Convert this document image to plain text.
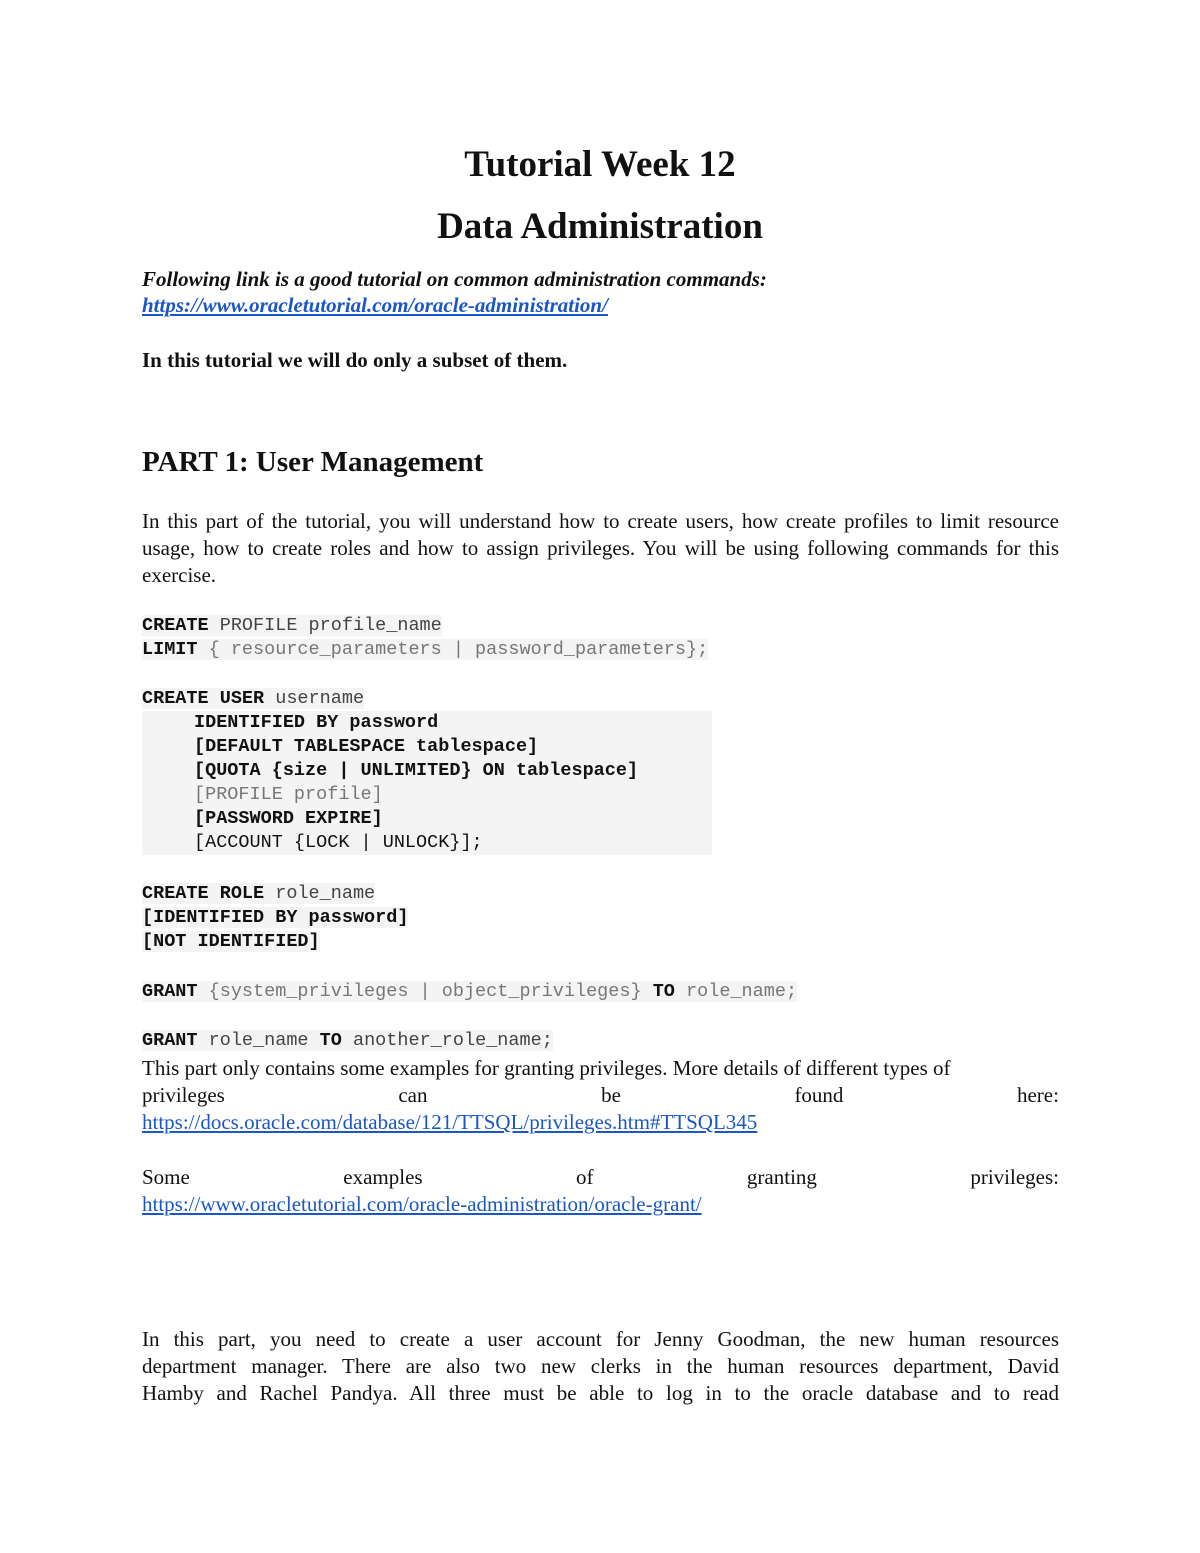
Tutorial Week 12
Data Administration
Following link is a good tutorial on common administration commands:
https://www.oracletutorial.com/oracle-administration/
In this tutorial we will do only a subset of them.
PART 1: User Management
In this part of the tutorial, you will understand how to create users, how create profiles to limit resource usage, how to create roles and how to assign privileges. You will be using following commands for this exercise.
CREATE PROFILE profile_name
LIMIT { resource_parameters | password_parameters};
CREATE USER username
IDENTIFIED BY password
[DEFAULT TABLESPACE tablespace]
[QUOTA {size | UNLIMITED} ON tablespace]
[PROFILE profile]
[PASSWORD EXPIRE]
[ACCOUNT {LOCK | UNLOCK}];
CREATE ROLE role_name
[IDENTIFIED BY password]
[NOT IDENTIFIED]
GRANT {system_privileges | object_privileges} TO role_name;
GRANT role_name TO another_role_name;
This part only contains some examples for granting privileges. More details of different types of
privileges	can	be	found	here:
https://docs.oracle.com/database/121/TTSQL/privileges.htm#TTSQL345
Some	examples	of	granting	privileges:
https://www.oracletutorial.com/oracle-administration/oracle-grant/
In this part, you need to create a user account for Jenny Goodman, the new human resources
department manager. There are also two new clerks in the human resources department, David
Hamby and Rachel Pandya. All three must be able to log in to the oracle database and to read
